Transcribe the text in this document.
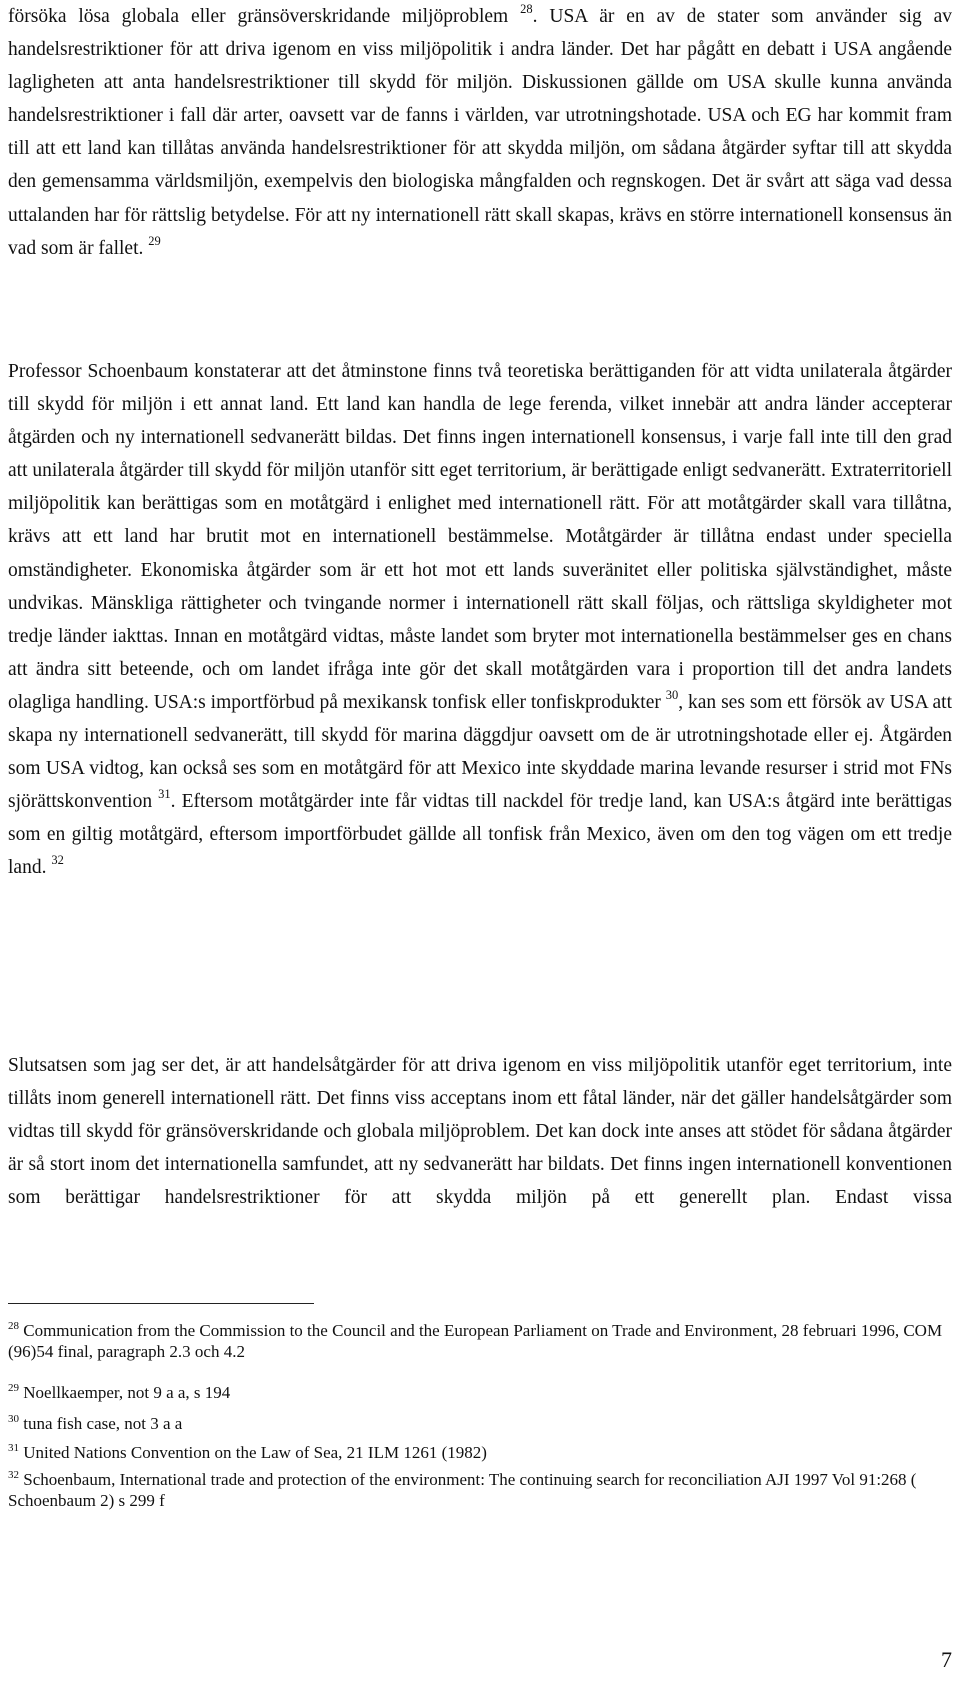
försöka lösa globala eller gränsöverskridande miljöproblem $^{28}$. USA är en av de stater som använder sig av handelsrestriktioner för att driva igenom en viss miljöpolitik i andra länder. Det har pågått en debatt i USA angående lagligheten att anta handelsrestriktioner till skydd för miljön. Diskussionen gällde om USA skulle kunna använda handelsrestriktioner i fall där arter, oavsett var de fanns i världen, var utrotningshotade. USA och EG har kommit fram till att ett land kan tillåtas använda handelsrestriktioner för att skydda miljön, om sådana åtgärder syftar till att skydda den gemensamma världsmiljön, exempelvis den biologiska mångfalden och regnskogen. Det är svårt att säga vad dessa uttalanden har för rättslig betydelse. För att ny internationell rätt skall skapas, krävs en större internationell konsensus än vad som är fallet. $^{29}$

Professor Schoenbaum konstaterar att det åtminstone finns två teoretiska berättiganden för att vidta unilaterala åtgärder till skydd för miljön i ett annat land. Ett land kan handla de lege ferenda, vilket innebär att andra länder accepterar åtgärden och ny internationell sedvanerätt bildas. Det finns ingen internationell konsensus, i varje fall inte till den grad att unilaterala åtgärder till skydd för miljön utanför sitt eget territorium, är berättigade enligt sedvanerätt. Extraterritoriell miljöpolitik kan berättigas som en motåtgärd i enlighet med internationell rätt. För att motåtgärder skall vara tillåtna, krävs att ett land har brutit mot en internationell bestämmelse. Motåtgärder är tillåtna endast under speciella omständigheter. Ekonomiska åtgärder som är ett hot mot ett lands suveränitet eller politiska självständighet, måste undvikas. Mänskliga rättigheter och tvingande normer i internationell rätt skall följas, och rättsliga skyldigheter mot tredje länder iakttas. Innan en motåtgärd vidtas, måste landet som bryter mot internationella bestämmelser ges en chans att ändra sitt beteende, och om landet ifråga inte gör det skall motåtgärden vara i proportion till det andra landets olagliga handling. USA:s importförbud på mexikansk tonfisk eller tonfiskprodukter $^{30}$, kan ses som ett försök av USA att skapa ny internationell sedvanerätt, till skydd för marina däggdjur oavsett om de är utrotningshotade eller ej. Åtgärden som USA vidtog, kan också ses som en motåtgärd för att Mexico inte skyddade marina levande resurser i strid mot FNs sjörättskonvention $^{31}$. Eftersom motåtgärder inte får vidtas till nackdel för tredje land, kan USA:s åtgärd inte berättigas som en giltig motåtgärd, eftersom importförbudet gällde all tonfisk från Mexico, även om den tog vägen om ett tredje land. $^{32}$

Slutsatsen som jag ser det, är att handelsåtgärder för att driva igenom en viss miljöpolitik utanför eget territorium, inte tillåts inom generell internationell rätt. Det finns viss acceptans inom ett fåtal länder, när det gäller handelsåtgärder som vidtas till skydd för gränsöverskridande och globala miljöproblem. Det kan dock inte anses att stödet för sådana åtgärder är så stort inom det internationella samfundet, att ny sedvanerätt har bildats. Det finns ingen internationell konventionen som berättigar handelsrestriktioner för att skydda miljön på ett generellt plan. Endast vissa

$^{28}$ Communication from the Commission to the Council and the European Parliament on Trade and Environment, 28 februari 1996, COM (96)54 final, paragraph 2.3 och 4.2

$^{29}$ Noellkaemper, not 9 a a, s 194

$^{30}$ tuna fish case, not 3 a a

$^{31}$ United Nations Convention on the Law of Sea, 21 ILM 1261 (1982)

$^{32}$ Schoenbaum, International trade and protection of the environment: The continuing search for reconciliation AJI 1997 Vol 91:268 ( Schoenbaum 2) s 299 f

7
